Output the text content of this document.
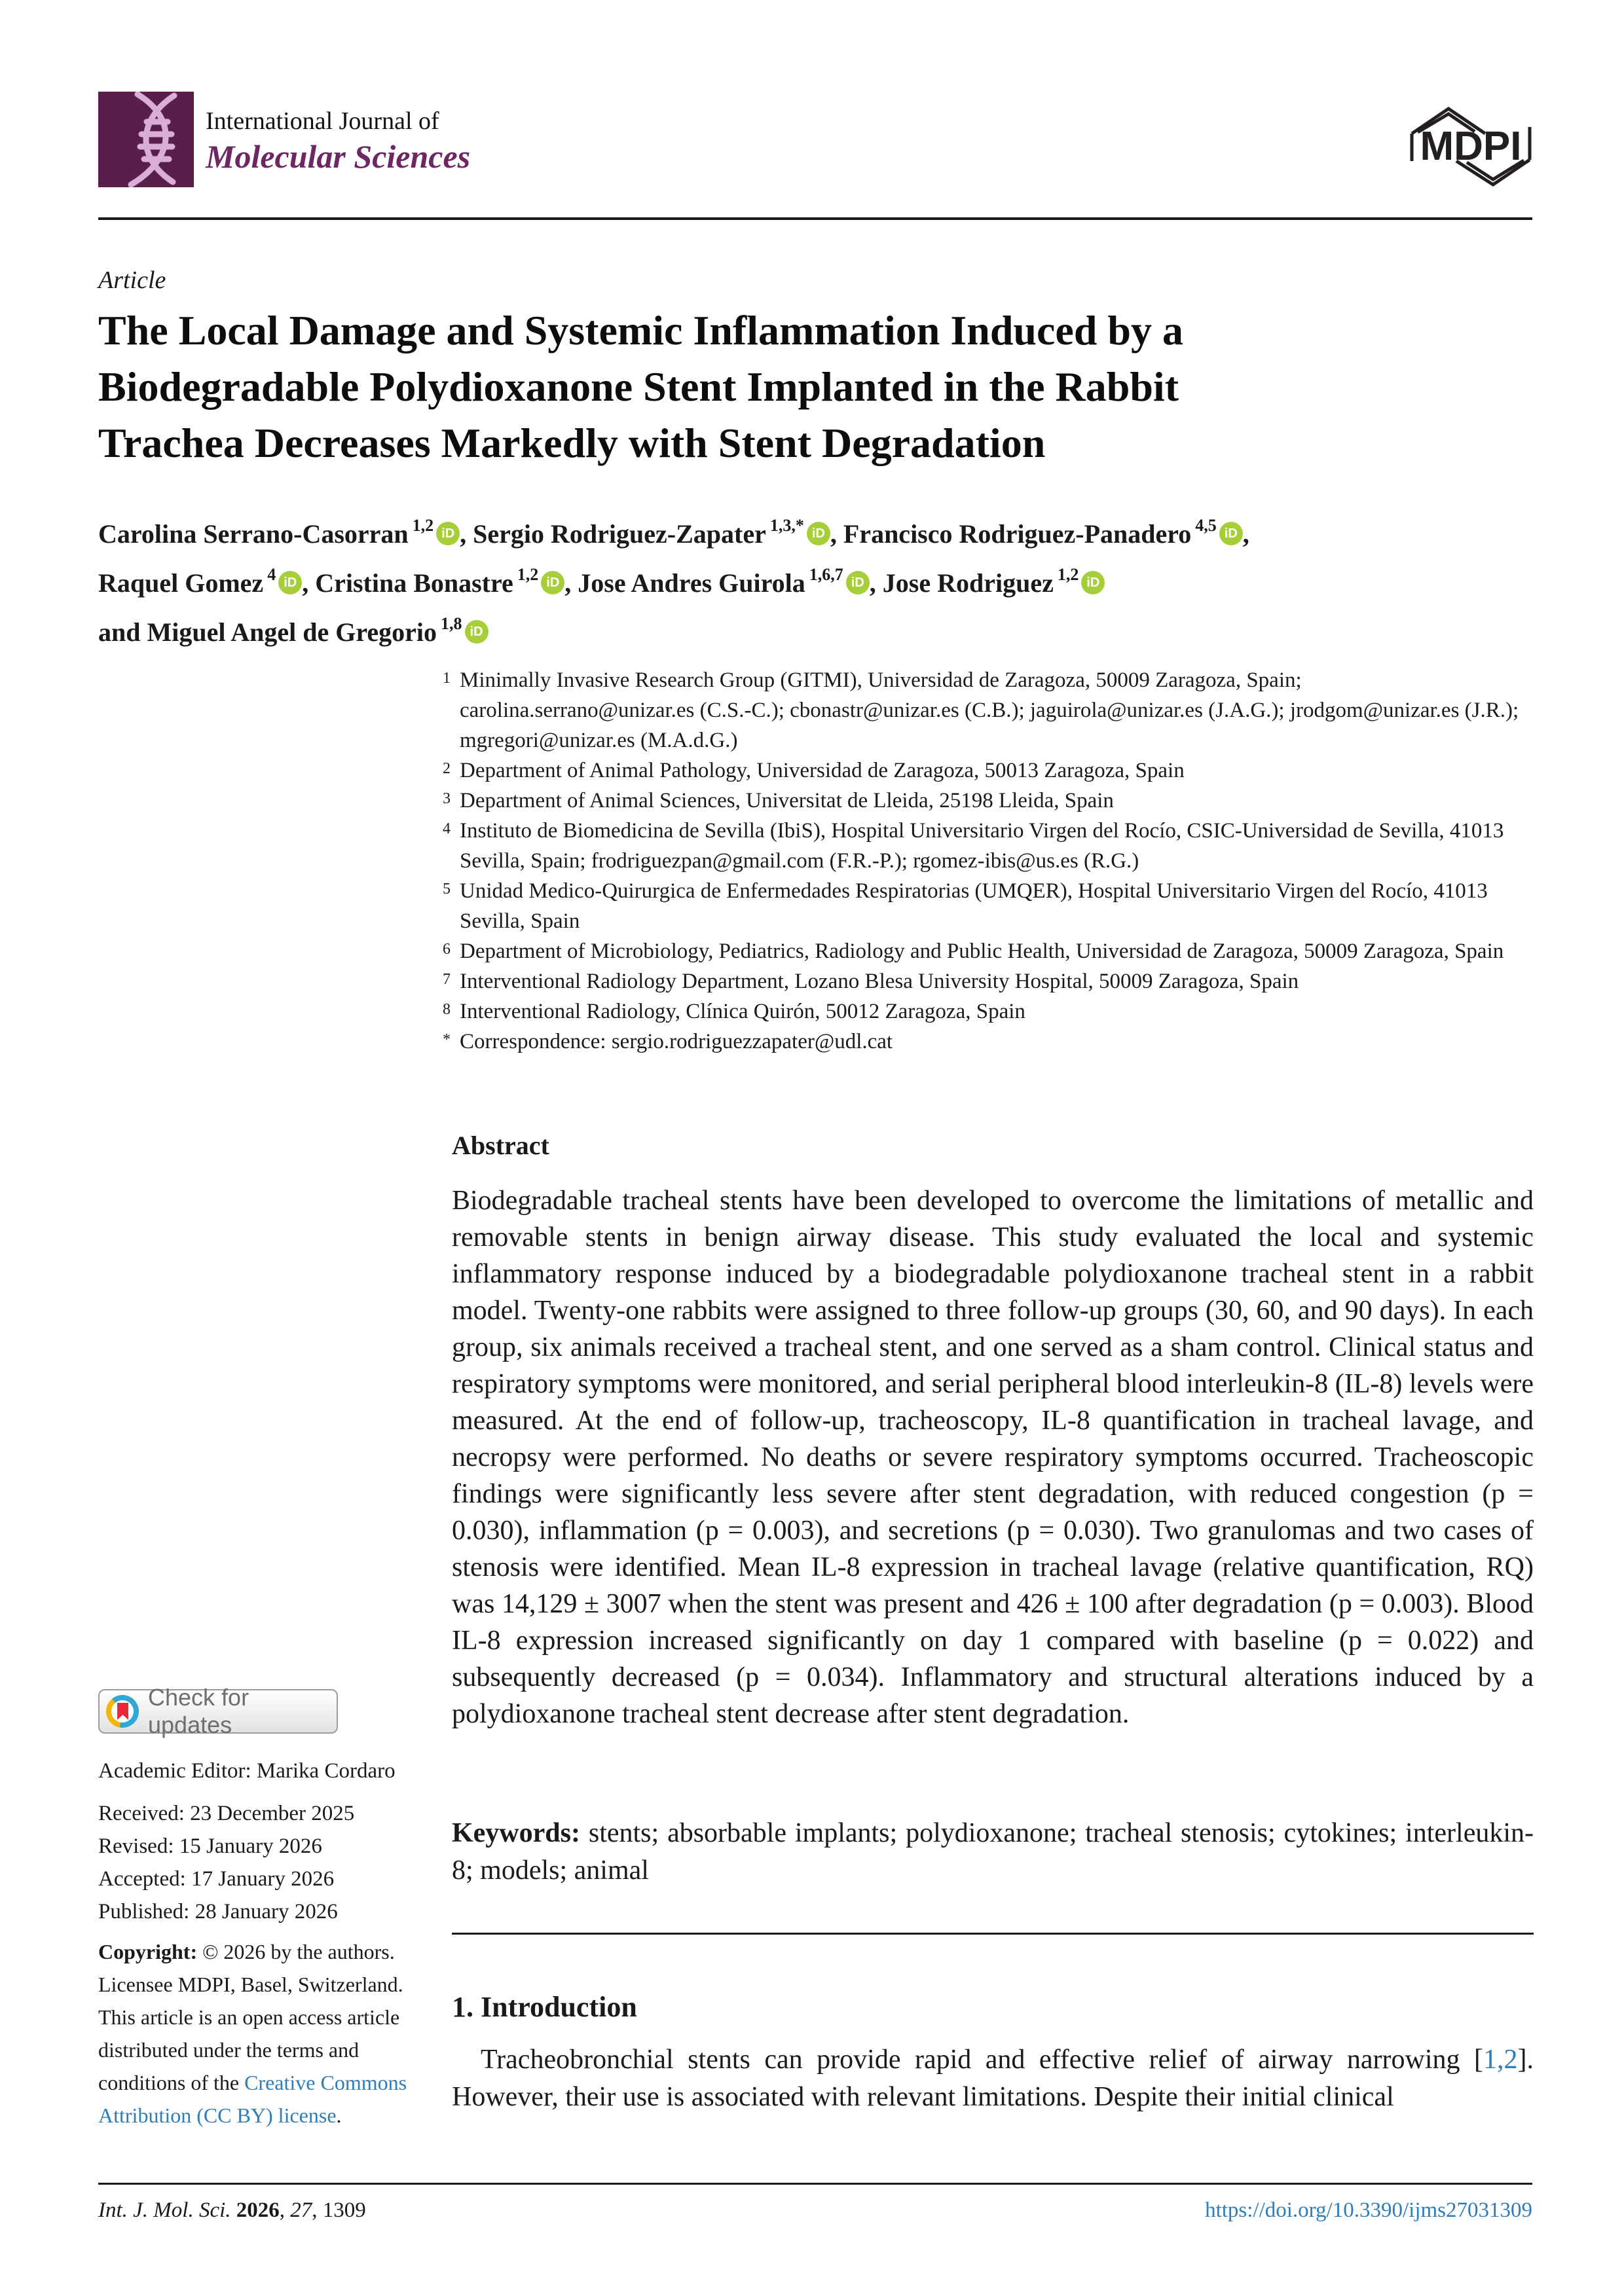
International Journal of
Molecular Sciences	MDPI
Article
The Local Damage and Systemic Inflammation Induced by a
Biodegradable Polydioxanone Stent Implanted in the Rabbit
Trachea Decreases Markedly with Stent Degradation
Carolina Serrano-Casorran $^{1,2}$ iD , Sergio Rodriguez-Zapater $^{1,3,*}$ iD , Francisco Rodriguez-Panadero $^{4,5}$ iD , Raquel Gomez $^4$ iD , Cristina Bonastre $^{1,2}$ iD , Jose Andres Guirola $^{1,6,7}$ iD , Jose Rodriguez $^{1,2}$ iD and Miguel Angel de Gregorio $^{1,8}$ iD
1 Minimally Invasive Research Group (GITMI), Universidad de Zaragoza, 50009 Zaragoza, Spain; carolina.serrano@unizar.es (C.S.-C.); cbonastr@unizar.es (C.B.); jaguirola@unizar.es (J.A.G.); jrodgom@unizar.es (J.R.); mgregori@unizar.es (M.A.d.G.)
2 Department of Animal Pathology, Universidad de Zaragoza, 50013 Zaragoza, Spain
3 Department of Animal Sciences, Universitat de Lleida, 25198 Lleida, Spain
4 Instituto de Biomedicina de Sevilla (IbiS), Hospital Universitario Virgen del Rocío, CSIC-Universidad de Sevilla, 41013 Sevilla, Spain; frodriguezpan@gmail.com (F.R.-P.); rgomez-ibis@us.es (R.G.)
5 Unidad Medico-Quirurgica de Enfermedades Respiratorias (UMQER), Hospital Universitario Virgen del Rocío, 41013 Sevilla, Spain
6 Department of Microbiology, Pediatrics, Radiology and Public Health, Universidad de Zaragoza, 50009 Zaragoza, Spain
7 Interventional Radiology Department, Lozano Blesa University Hospital, 50009 Zaragoza, Spain
8 Interventional Radiology, Clínica Quirón, 50012 Zaragoza, Spain
* Correspondence: sergio.rodriguezzapater@udl.cat
Abstract
Biodegradable tracheal stents have been developed to overcome the limitations of metallic and removable stents in benign airway disease. This study evaluated the local and systemic inflammatory response induced by a biodegradable polydioxanone tracheal stent in a rabbit model. Twenty-one rabbits were assigned to three follow-up groups (30, 60, and 90 days). In each group, six animals received a tracheal stent, and one served as a sham control. Clinical status and respiratory symptoms were monitored, and serial peripheral blood interleukin-8 (IL-8) levels were measured. At the end of follow-up, tracheoscopy, IL-8 quantification in tracheal lavage, and necropsy were performed. No deaths or severe respiratory symptoms occurred. Tracheoscopic findings were significantly less severe after stent degradation, with reduced congestion (p = 0.030), inflammation (p = 0.003), and secretions (p = 0.030). Two granulomas and two cases of stenosis were identified. Mean IL-8 expression in tracheal lavage (relative quantification, RQ) was 14,129 ± 3007 when the stent was present and 426 ± 100 after degradation (p = 0.003). Blood IL-8 expression increased significantly on day 1 compared with baseline (p = 0.022) and subsequently decreased (p = 0.034). Inflammatory and structural alterations induced by a polydioxanone tracheal stent decrease after stent degradation.
Keywords: stents; absorbable implants; polydioxanone; tracheal stenosis; cytokines; interleukin-8; models; animal
1. Introduction
Tracheobronchial stents can provide rapid and effective relief of airway narrowing [1,2]. However, their use is associated with relevant limitations. Despite their initial clinical
Check for updates
Academic Editor: Marika Cordaro
Received: 23 December 2025
Revised: 15 January 2026
Accepted: 17 January 2026
Published: 28 January 2026
Copyright: © 2026 by the authors. Licensee MDPI, Basel, Switzerland. This article is an open access article distributed under the terms and conditions of the Creative Commons Attribution (CC BY) license.
Int. J. Mol. Sci. 2026, 27, 1309	https://doi.org/10.3390/ijms27031309
